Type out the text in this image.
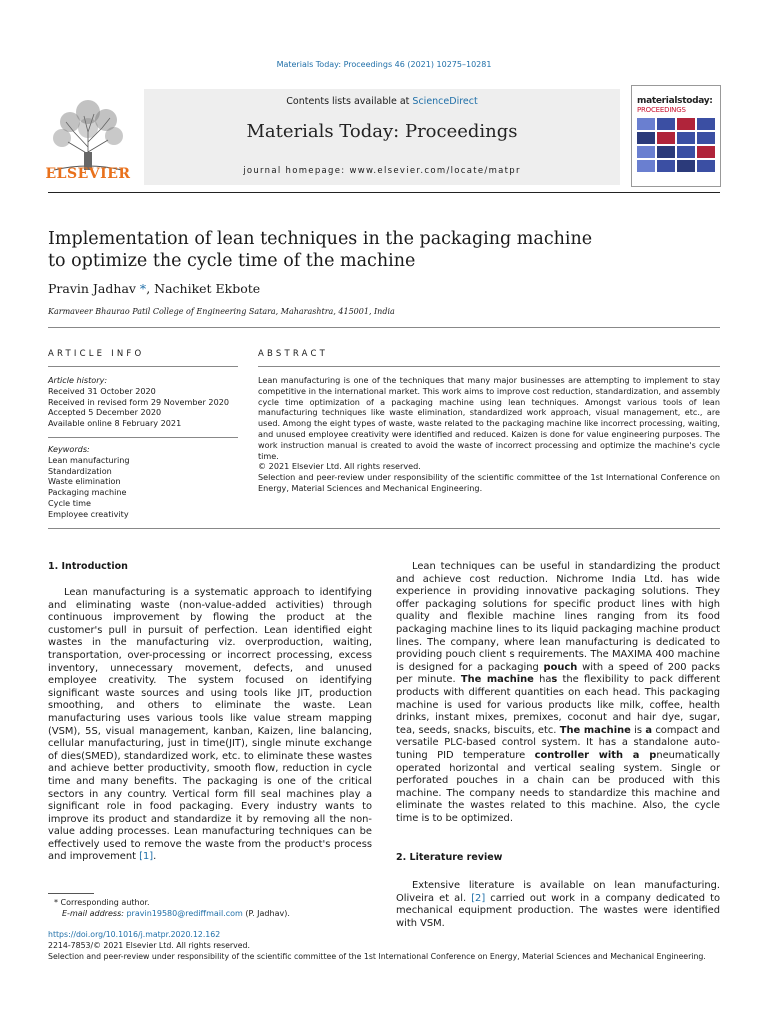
Materials Today: Proceedings 46 (2021) 10275–10281
ELSEVIER
Contents lists available at ScienceDirect
Materials Today: Proceedings
journal homepage: www.elsevier.com/locate/matpr
materialstoday:
PROCEEDINGS
Implementation of lean techniques in the packaging machine to optimize the cycle time of the machine
Pravin Jadhav *, Nachiket Ekbote
Karmaveer Bhaurao Patil College of Engineering Satara, Maharashtra, 415001, India
ARTICLE INFO
Article history:
Received 31 October 2020
Received in revised form 29 November 2020
Accepted 5 December 2020
Available online 8 February 2021
Keywords:
Lean manufacturing
Standardization
Waste elimination
Packaging machine
Cycle time
Employee creativity
ABSTRACT

Lean manufacturing is one of the techniques that many major businesses are attempting to implement to stay competitive in the international market. This work aims to improve cost reduction, standardization, and assembly cycle time optimization of a packaging machine using lean techniques. Amongst various tools of lean manufacturing techniques like waste elimination, standardized work approach, visual management, etc., are used. Among the eight types of waste, waste related to the packaging machine like incorrect processing, waiting, and unused employee creativity were identified and reduced. Kaizen is done for value engineering purposes. The work instruction manual is created to avoid the waste of incorrect processing and optimize the machine's cycle time.

© 2021 Elsevier Ltd. All rights reserved.

Selection and peer-review under responsibility of the scientific committee of the 1st International Conference on Energy, Material Sciences and Mechanical Engineering.

1. Introduction

Lean manufacturing is a systematic approach to identifying and eliminating waste (non-value-added activities) through continuous improvement by flowing the product at the customer's pull in pursuit of perfection. Lean identified eight wastes in the manufacturing viz. overproduction, waiting, transportation, over-processing or incorrect processing, excess inventory, unnecessary movement, defects, and unused employee creativity. The system focused on identifying significant waste sources and using tools like JIT, production smoothing, and others to eliminate the waste. Lean manufacturing uses various tools like value stream mapping (VSM), 5S, visual management, kanban, Kaizen, line balancing, cellular manufacturing, just in time(JIT), single minute exchange of dies(SMED), standardized work, etc. to eliminate these wastes and achieve better productivity, smooth flow, reduction in cycle time and many benefits. The packaging is one of the critical sectors in any country. Vertical form fill seal machines play a significant role in food packaging. Every industry wants to improve its product and standardize it by removing all the non-value adding processes. Lean manufacturing techniques can be effectively used to remove the waste from the product's process and improvement [1].

Lean techniques can be useful in standardizing the product and achieve cost reduction. Nichrome India Ltd. has wide experience in providing innovative packaging solutions. They offer packaging solutions for specific product lines with high quality and flexible machine lines ranging from its food packaging machine lines to its liquid packaging machine product lines. The company, where lean manufacturing is dedicated to providing pouch client s requirements. The MAXIMA 400 machine is designed for a packaging pouch with a speed of 200 packs per minute. The machine has the flexibility to pack different products with different quantities on each head. This packaging machine is used for various products like milk, coffee, health drinks, instant mixes, premixes, coconut and hair dye, sugar, tea, seeds, snacks, biscuits, etc. The machine is a compact and versatile PLC-based control system. It has a standalone auto-tuning PID temperature controller with a pneumatically operated horizontal and vertical sealing system. Single or perforated pouches in a chain can be produced with this machine. The company needs to standardize this machine and eliminate the wastes related to this machine. Also, the cycle time is to be optimized.

2. Literature review

Extensive literature is available on lean manufacturing. Oliveira et al. [2] carried out work in a company dedicated to mechanical equipment production. The wastes were identified with VSM.

* Corresponding author.
E-mail address: pravin19580@rediffmail.com (P. Jadhav).
https://doi.org/10.1016/j.matpr.2020.12.162
2214-7853/© 2021 Elsevier Ltd. All rights reserved.
Selection and peer-review under responsibility of the scientific committee of the 1st International Conference on Energy, Material Sciences and Mechanical Engineering.
